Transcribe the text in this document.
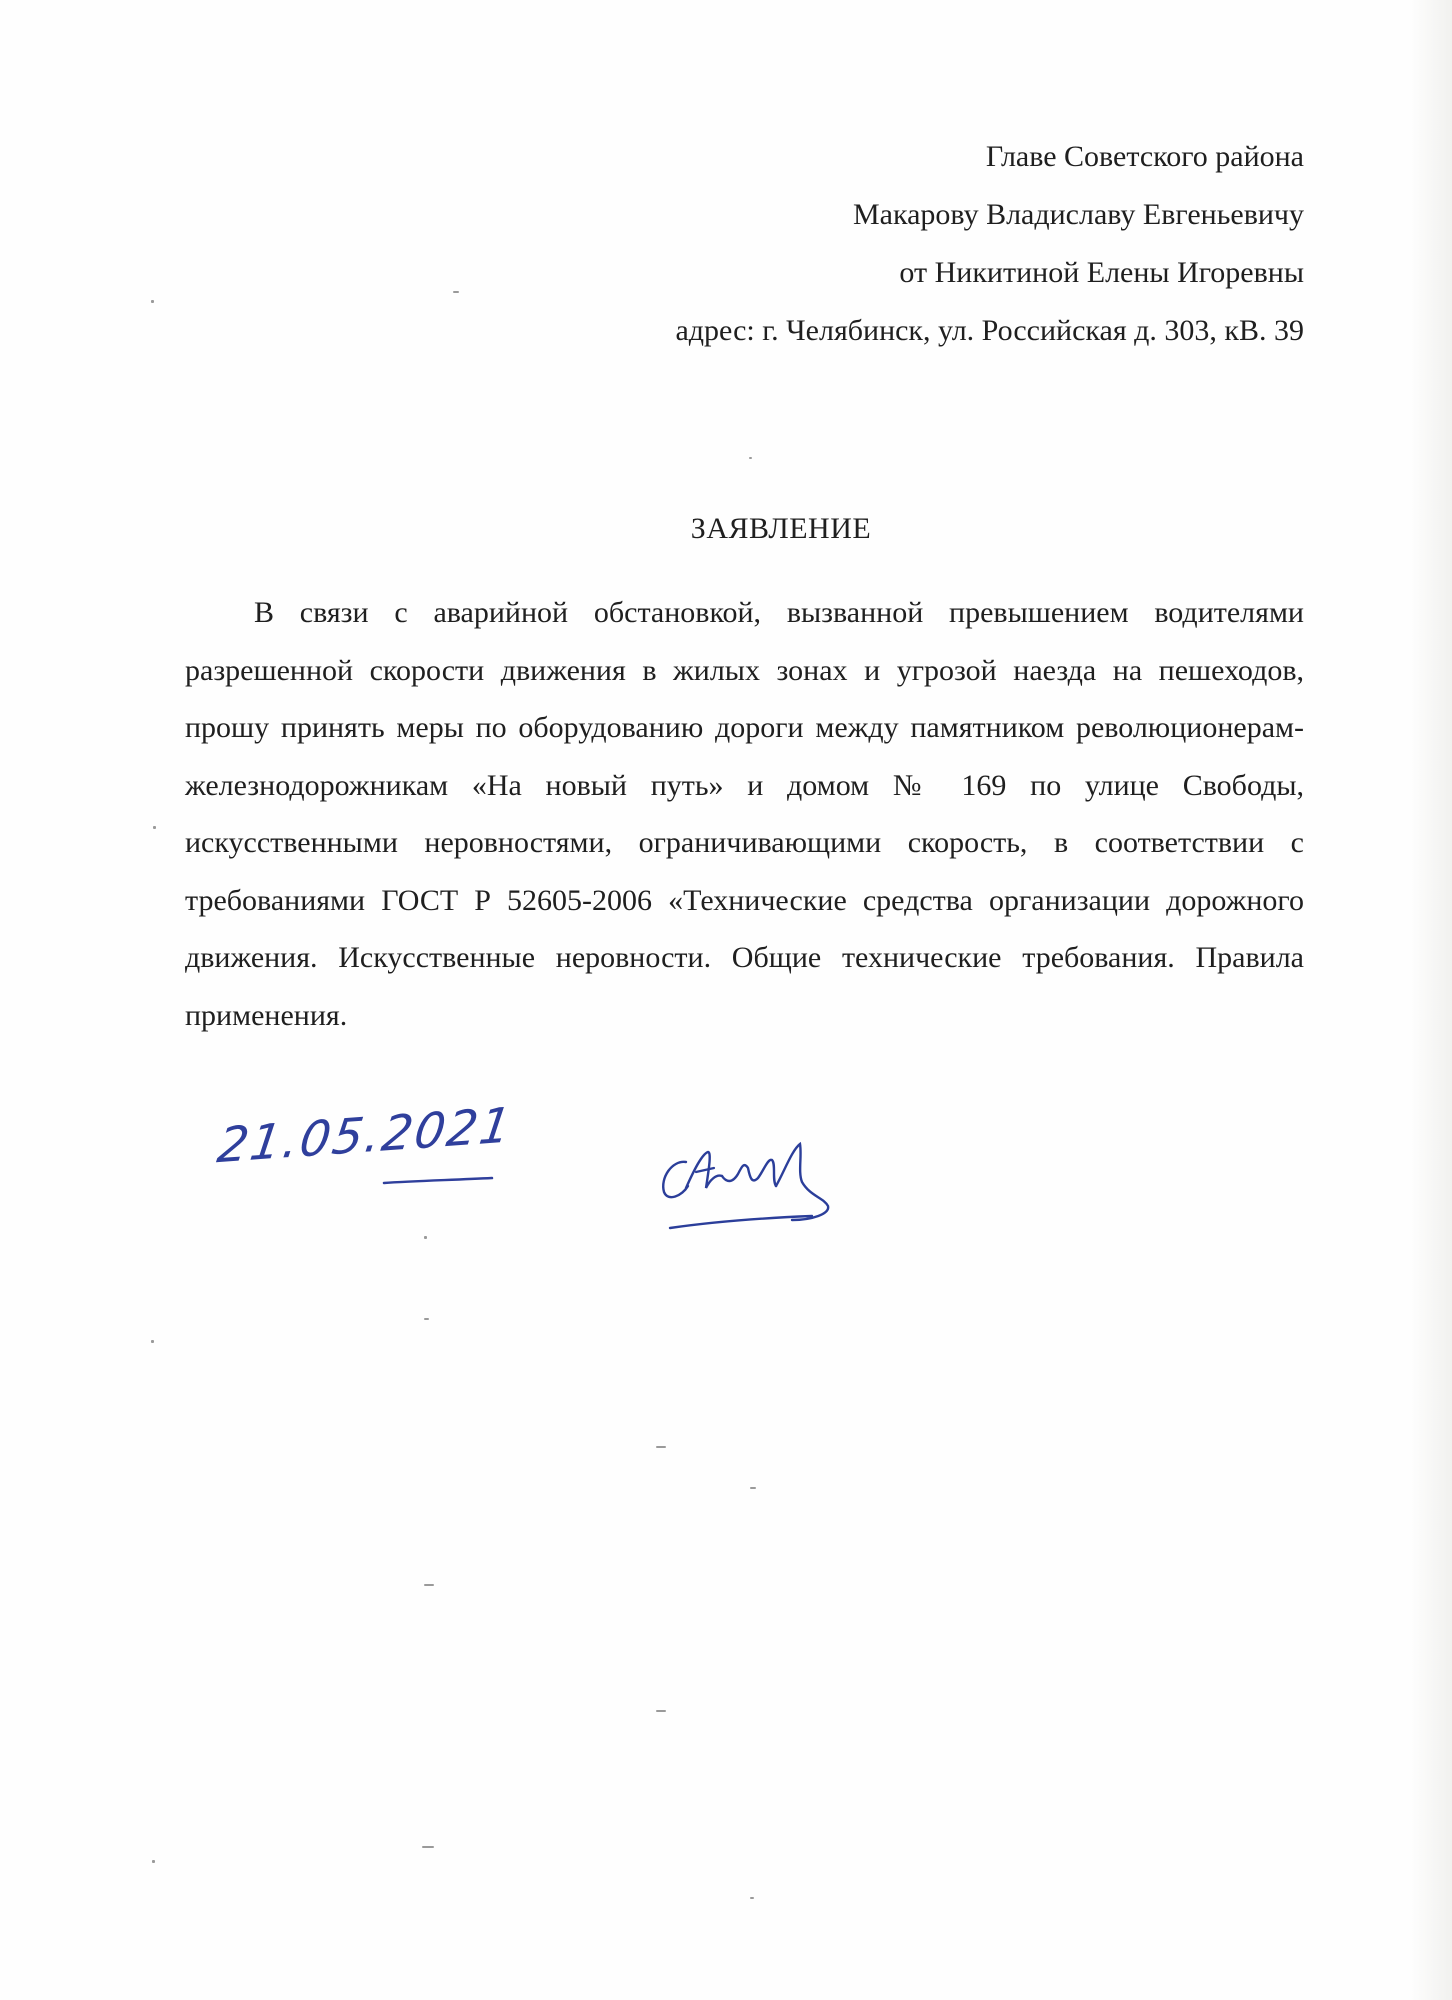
Главе Советского района
Макарову Владиславу Евгеньевичу
от Никитиной Елены Игоревны
адрес: г. Челябинск, ул. Российская д. 303, кВ. 39
ЗАЯВЛЕНИЕ

В связи с аварийной обстановкой, вызванной превышением водителями разрешенной скорости движения в жилых зонах и угрозой наезда на пешеходов, прошу принять меры по оборудованию дороги между памятником революционерам-железнодорожникам «На новый путь» и домом № 169 по улице Свободы, искусственными неровностями, ограничивающими скорость, в соответствии с требованиями ГОСТ Р 52605-2006 «Технические средства организации дорожного движения. Искусственные неровности. Общие технические требования. Правила применения.

21.05.2021
